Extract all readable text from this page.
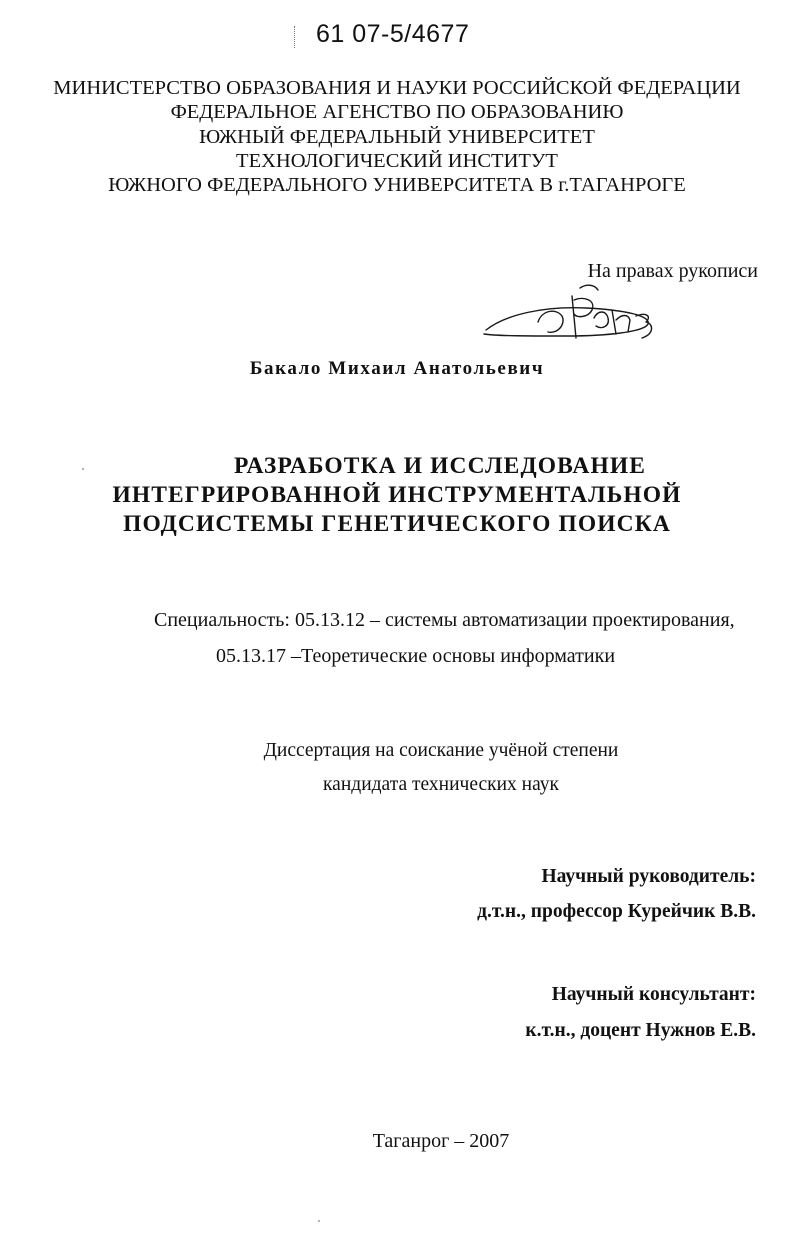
61 07-5/4677
МИНИСТЕРСТВО ОБРАЗОВАНИЯ И НАУКИ РОССИЙСКОЙ ФЕДЕРАЦИИ
ФЕДЕРАЛЬНОЕ АГЕНСТВО ПО ОБРАЗОВАНИЮ
ЮЖНЫЙ ФЕДЕРАЛЬНЫЙ УНИВЕРСИТЕТ
ТЕХНОЛОГИЧЕСКИЙ ИНСТИТУТ
ЮЖНОГО ФЕДЕРАЛЬНОГО УНИВЕРСИТЕТА В г.ТАГАНРОГЕ
На правах рукописи
Бакало Михаил Анатольевич
РАЗРАБОТКА И ИССЛЕДОВАНИЕ
ИНТЕГРИРОВАННОЙ ИНСТРУМЕНТАЛЬНОЙ
ПОДСИСТЕМЫ ГЕНЕТИЧЕСКОГО ПОИСКА
Специальность: 05.13.12 – системы автоматизации проектирования,
05.13.17 –Теоретические основы информатики
Диссертация на соискание учёной степени
кандидата технических наук
Научный руководитель:
д.т.н., профессор Курейчик В.В.
Научный консультант:
к.т.н., доцент Нужнов Е.В.
Таганрог – 2007
